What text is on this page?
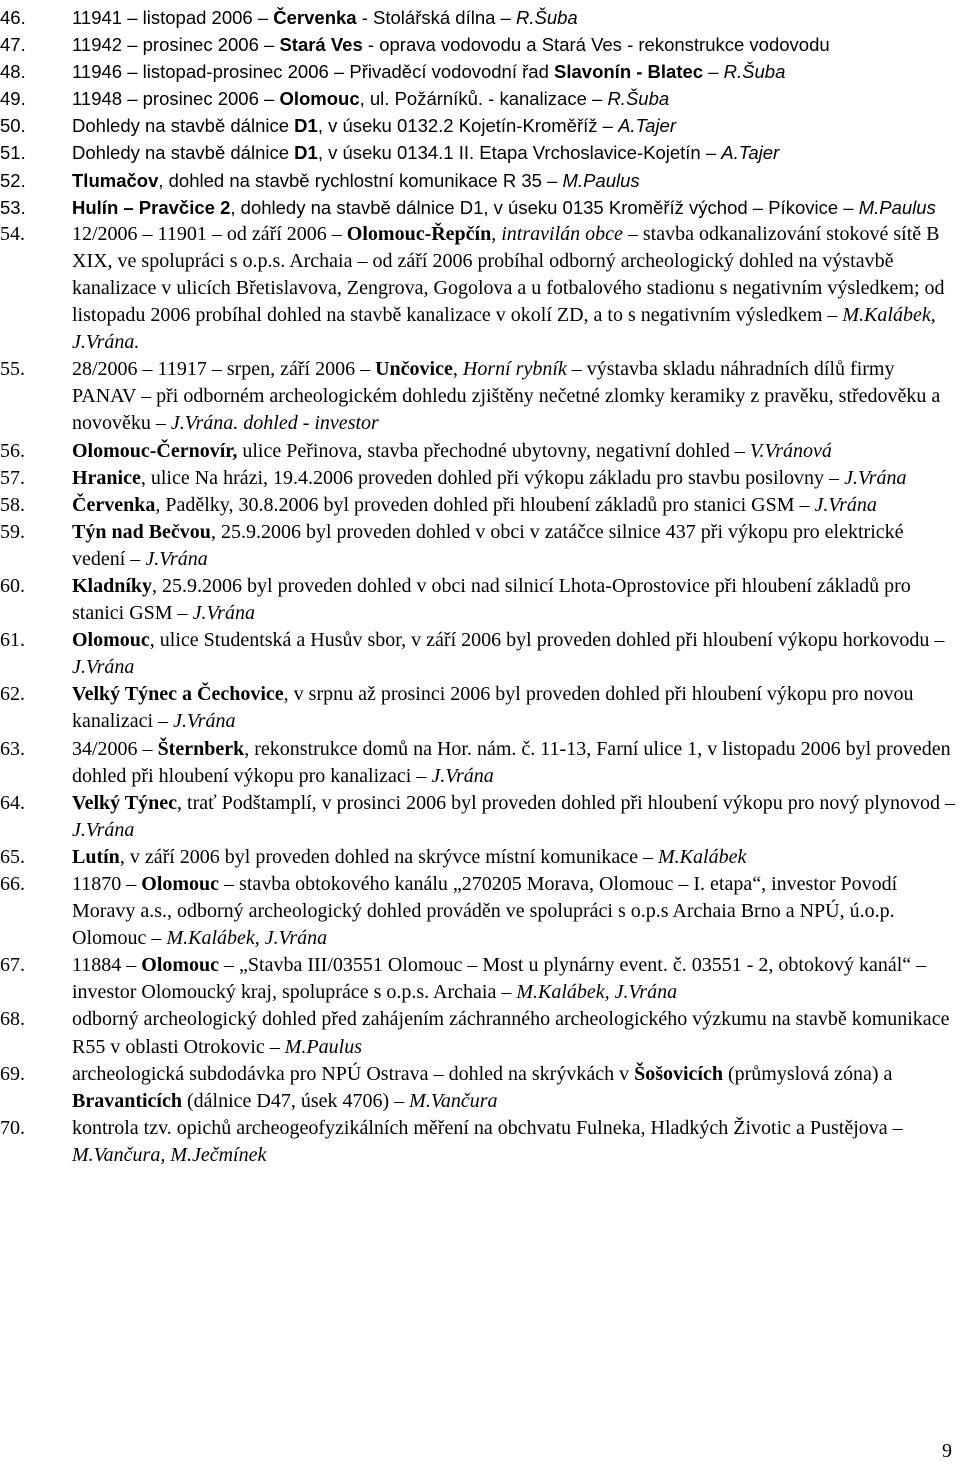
46.	11941 – listopad 2006 – Červenka - Stolářská dílna – R.Šuba
47.	11942 – prosinec 2006 – Stará Ves - oprava vodovodu a Stará Ves - rekonstrukce vodovodu
48.	11946 – listopad-prosinec 2006 – Přivaděcí vodovodní řad Slavonín - Blatec – R.Šuba
49.	11948 – prosinec 2006 – Olomouc, ul. Požárníků. - kanalizace – R.Šuba
50.	Dohledy na stavbě dálnice D1, v úseku 0132.2 Kojetín-Kroměříž – A.Tajer
51.	Dohledy na stavbě dálnice D1, v úseku 0134.1 II. Etapa Vrchoslavice-Kojetín – A.Tajer
52.	Tlumačov, dohled na stavbě rychlostní komunikace R 35 – M.Paulus
53.	Hulín – Pravčice 2, dohledy na stavbě dálnice D1, v úseku 0135 Kroměříž východ – Píkovice – M.Paulus
54. 12/2006 – 11901 – od září 2006 – Olomouc-Řepčín, intravilán obce – stavba odkanalizování stokové sítě B XIX, ve spolupráci s o.p.s. Archaia – od září 2006 probíhal odborný archeologický dohled na výstavbě kanalizace v ulicích Břetislavova, Zengrova, Gogolova a u fotbalového stadionu s negativním výsledkem; od listopadu 2006 probíhal dohled na stavbě kanalizace v okolí ZD, a to s negativním výsledkem – M.Kalábek, J.Vrána.
55. 28/2006 – 11917 – srpen, září 2006 – Unčovice, Horní rybník – výstavba skladu náhradních dílů firmy PANAV – při odborném archeologickém dohledu zjištěny nečetné zlomky keramiky z pravěku, středověku a novověku – J.Vrána. dohled - investor
56. Olomouc-Černovír, ulice Peřinova, stavba přechodné ubytovny, negativní dohled – V.Vránová
57. Hranice, ulice Na hrázi, 19.4.2006 proveden dohled při výkopu základu pro stavbu posilovny – J.Vrána
58. Červenka, Padělky, 30.8.2006 byl proveden dohled při hloubení základů pro stanici GSM – J.Vrána
59. Týn nad Bečvou, 25.9.2006 byl proveden dohled v obci v zatáčce silnice 437 při výkopu pro elektrické vedení – J.Vrána
60. Kladníky, 25.9.2006 byl proveden dohled v obci nad silnicí Lhota-Oprostovice při hloubení základů pro stanici GSM – J.Vrána
61. Olomouc, ulice Studentská a Husův sbor, v září 2006 byl proveden dohled při hloubení výkopu horkovodu – J.Vrána
62. Velký Týnec a Čechovice, v srpnu až prosinci 2006 byl proveden dohled při hloubení výkopu pro novou kanalizaci – J.Vrána
63. 34/2006 – Šternberk, rekonstrukce domů na Hor. nám. č. 11-13, Farní ulice 1, v listopadu 2006 byl proveden dohled při hloubení výkopu pro kanalizaci – J.Vrána
64. Velký Týnec, trať Podštamplí, v prosinci 2006 byl proveden dohled při hloubení výkopu pro nový plynovod – J.Vrána
65. Lutín, v září 2006 byl proveden dohled na skrývce místní komunikace – M.Kalábek
66. 11870 – Olomouc – stavba obtokového kanálu „270205 Morava, Olomouc – I. etapa“, investor Povodí Moravy a.s., odborný archeologický dohled prováděn ve spolupráci s o.p.s Archaia Brno a NPÚ, ú.o.p. Olomouc – M.Kalábek, J.Vrána
67. 11884 – Olomouc – „Stavba III/03551 Olomouc – Most u plynárny event. č. 03551 - 2, obtokový kanál“ – investor Olomoucký kraj, spolupráce s o.p.s. Archaia – M.Kalábek, J.Vrána
68. odborný archeologický dohled před zahájením záchranného archeologického výzkumu na stavbě komunikace R55 v oblasti Otrokovic – M.Paulus
69. archeologická subdodávka pro NPÚ Ostrava – dohled na skrývkách v Šošovicích (průmyslová zóna) a Bravanticích (dálnice D47, úsek 4706) – M.Vančura
70. kontrola tzv. opichů archeogeofyzikálních měření na obchvatu Fulneka, Hladkých Životic a Pustějova – M.Vančura, M.Ječmínek
9
